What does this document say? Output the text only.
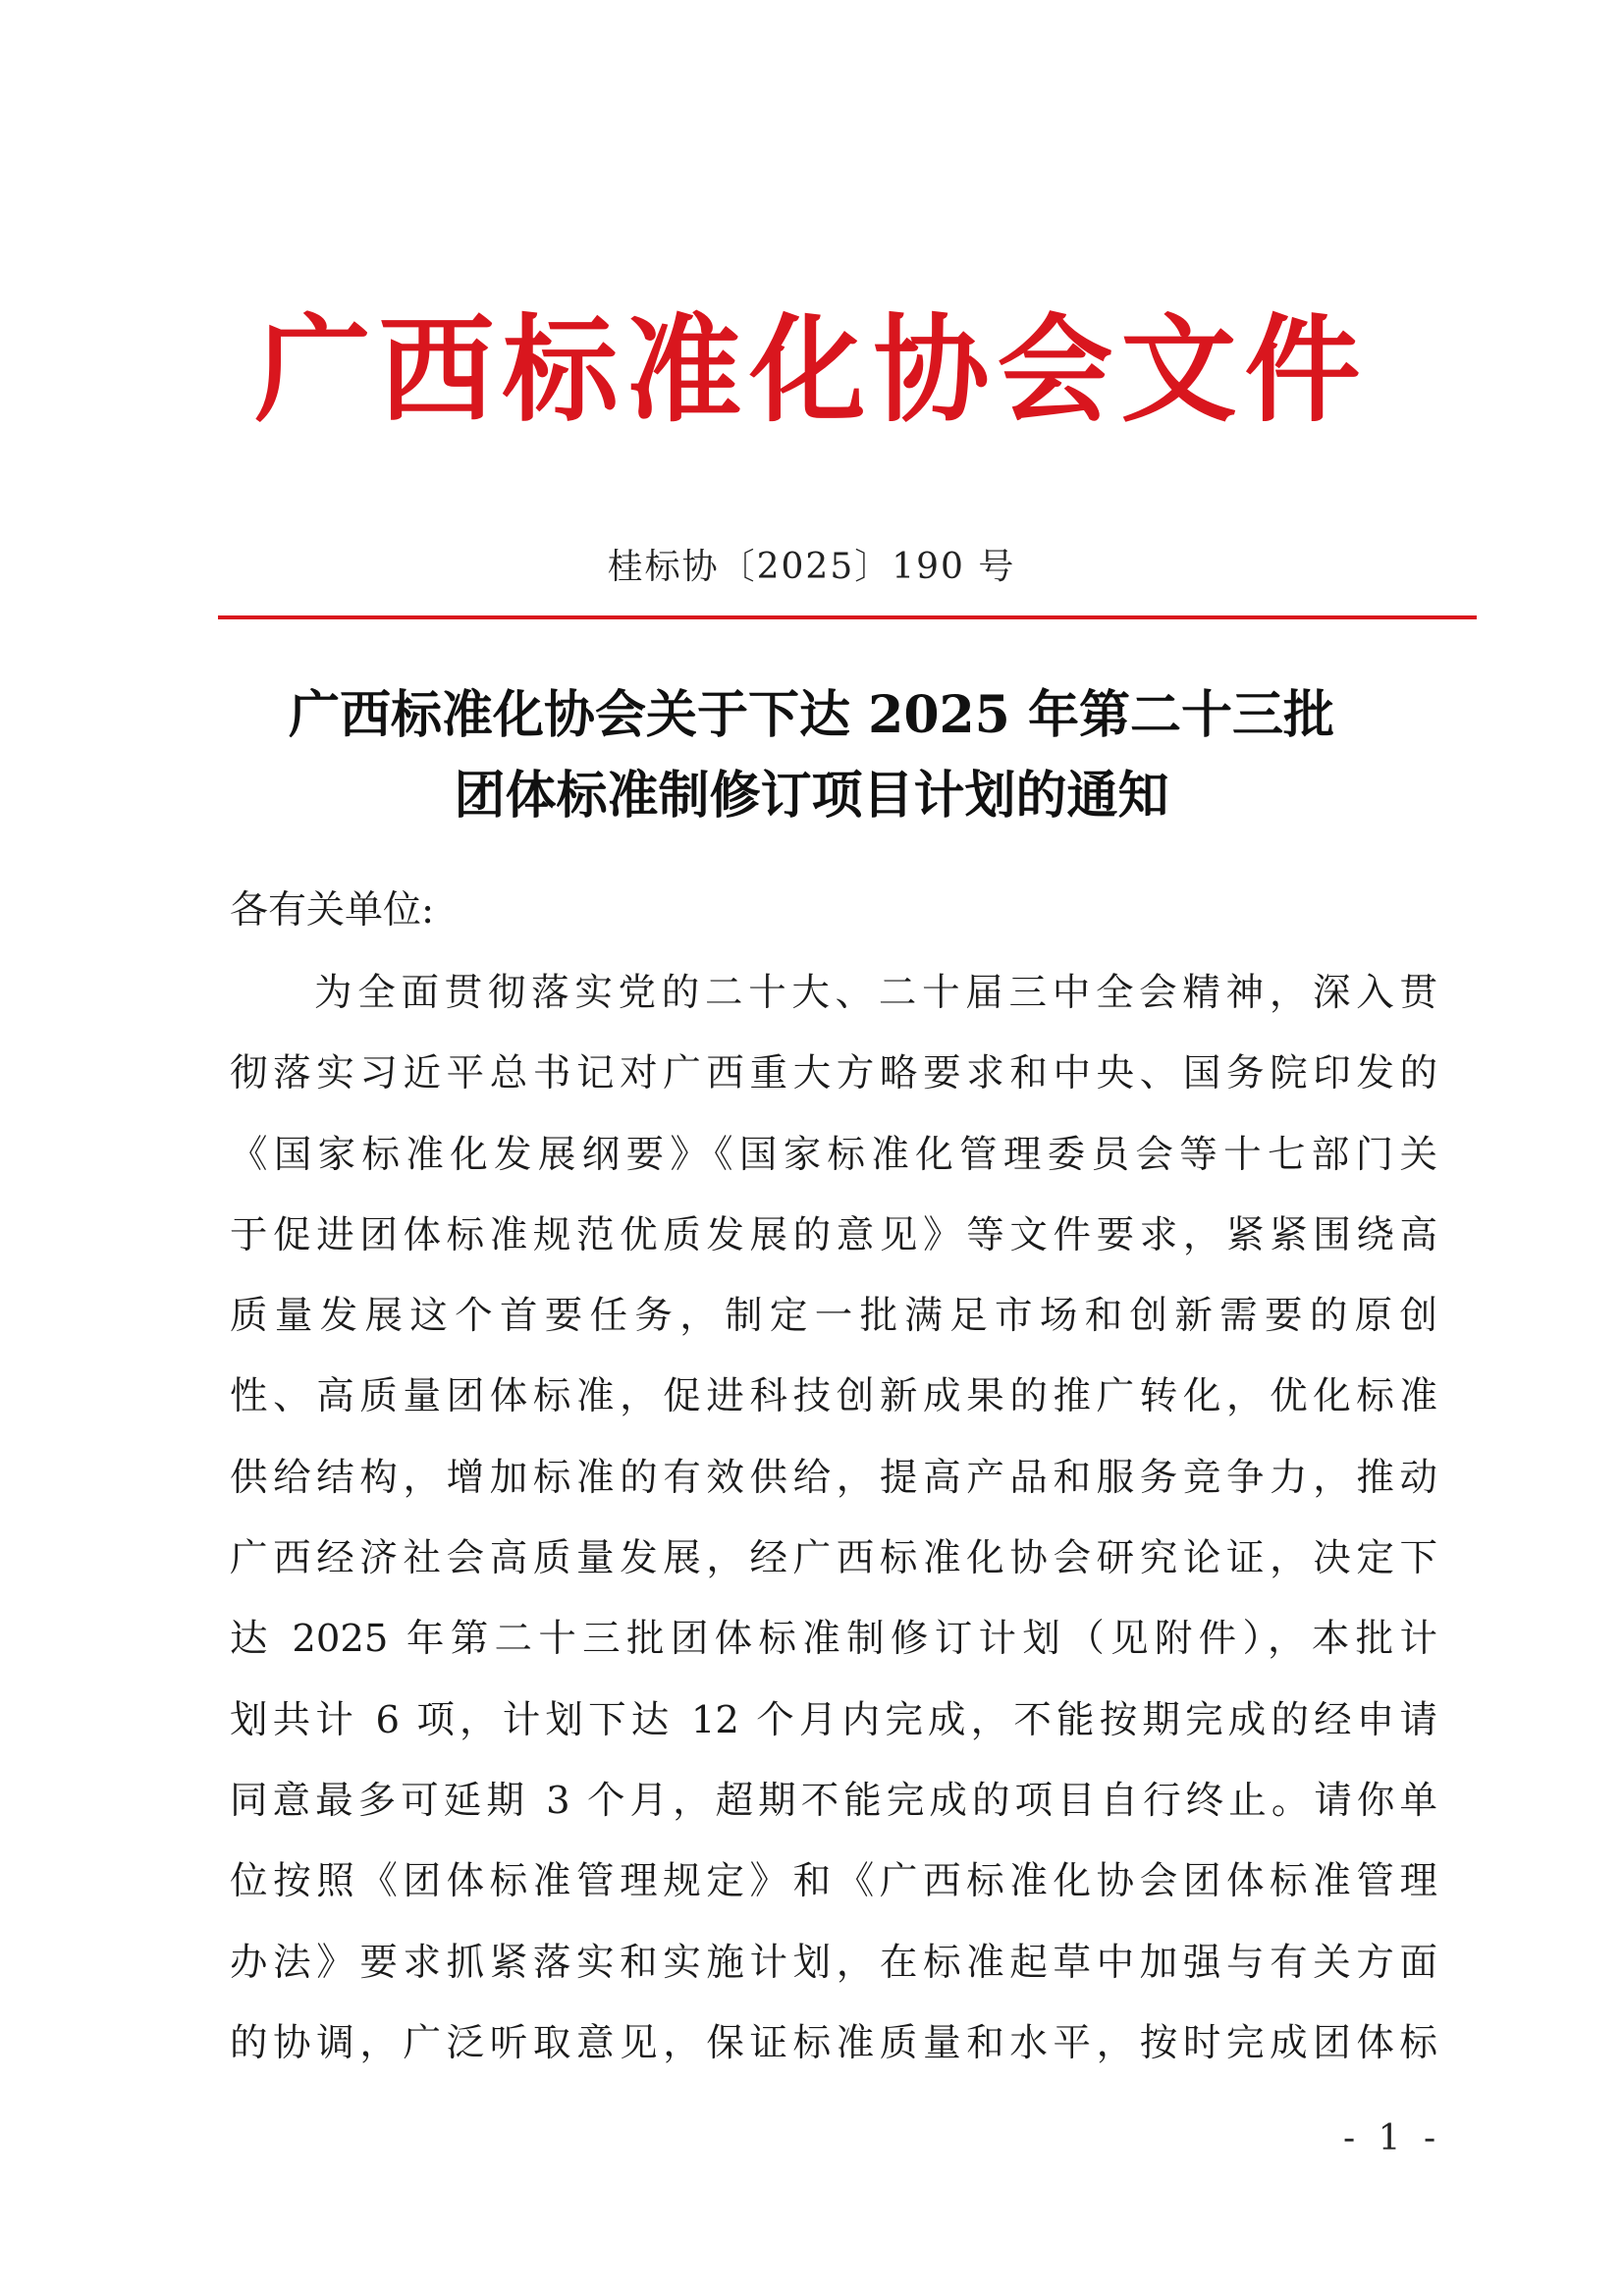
广西标准化协会文件
桂标协〔2025〕190 号
广西标准化协会关于下达 2025 年第二十三批
团体标准制修订项目计划的通知
各有关单位:
为全面贯彻落实党的二十大、二十届三中全会精神，深入贯
彻落实习近平总书记对广西重大方略要求和中央、国务院印发的
《国家标准化发展纲要》《国家标准化管理委员会等十七部门关
于促进团体标准规范优质发展的意见》等文件要求，紧紧围绕高
质量发展这个首要任务，制定一批满足市场和创新需要的原创
性、高质量团体标准，促进科技创新成果的推广转化，优化标准
供给结构，增加标准的有效供给，提高产品和服务竞争力，推动
广西经济社会高质量发展，经广西标准化协会研究论证，决定下
达 2025 年第二十三批团体标准制修订计划（见附件），本批计
划共计 6 项，计划下达 12 个月内完成，不能按期完成的经申请
同意最多可延期 3 个月，超期不能完成的项目自行终止。请你单
位按照《团体标准管理规定》和《广西标准化协会团体标准管理
办法》要求抓紧落实和实施计划，在标准起草中加强与有关方面
的协调，广泛听取意见，保证标准质量和水平，按时完成团体标
- 1 -
